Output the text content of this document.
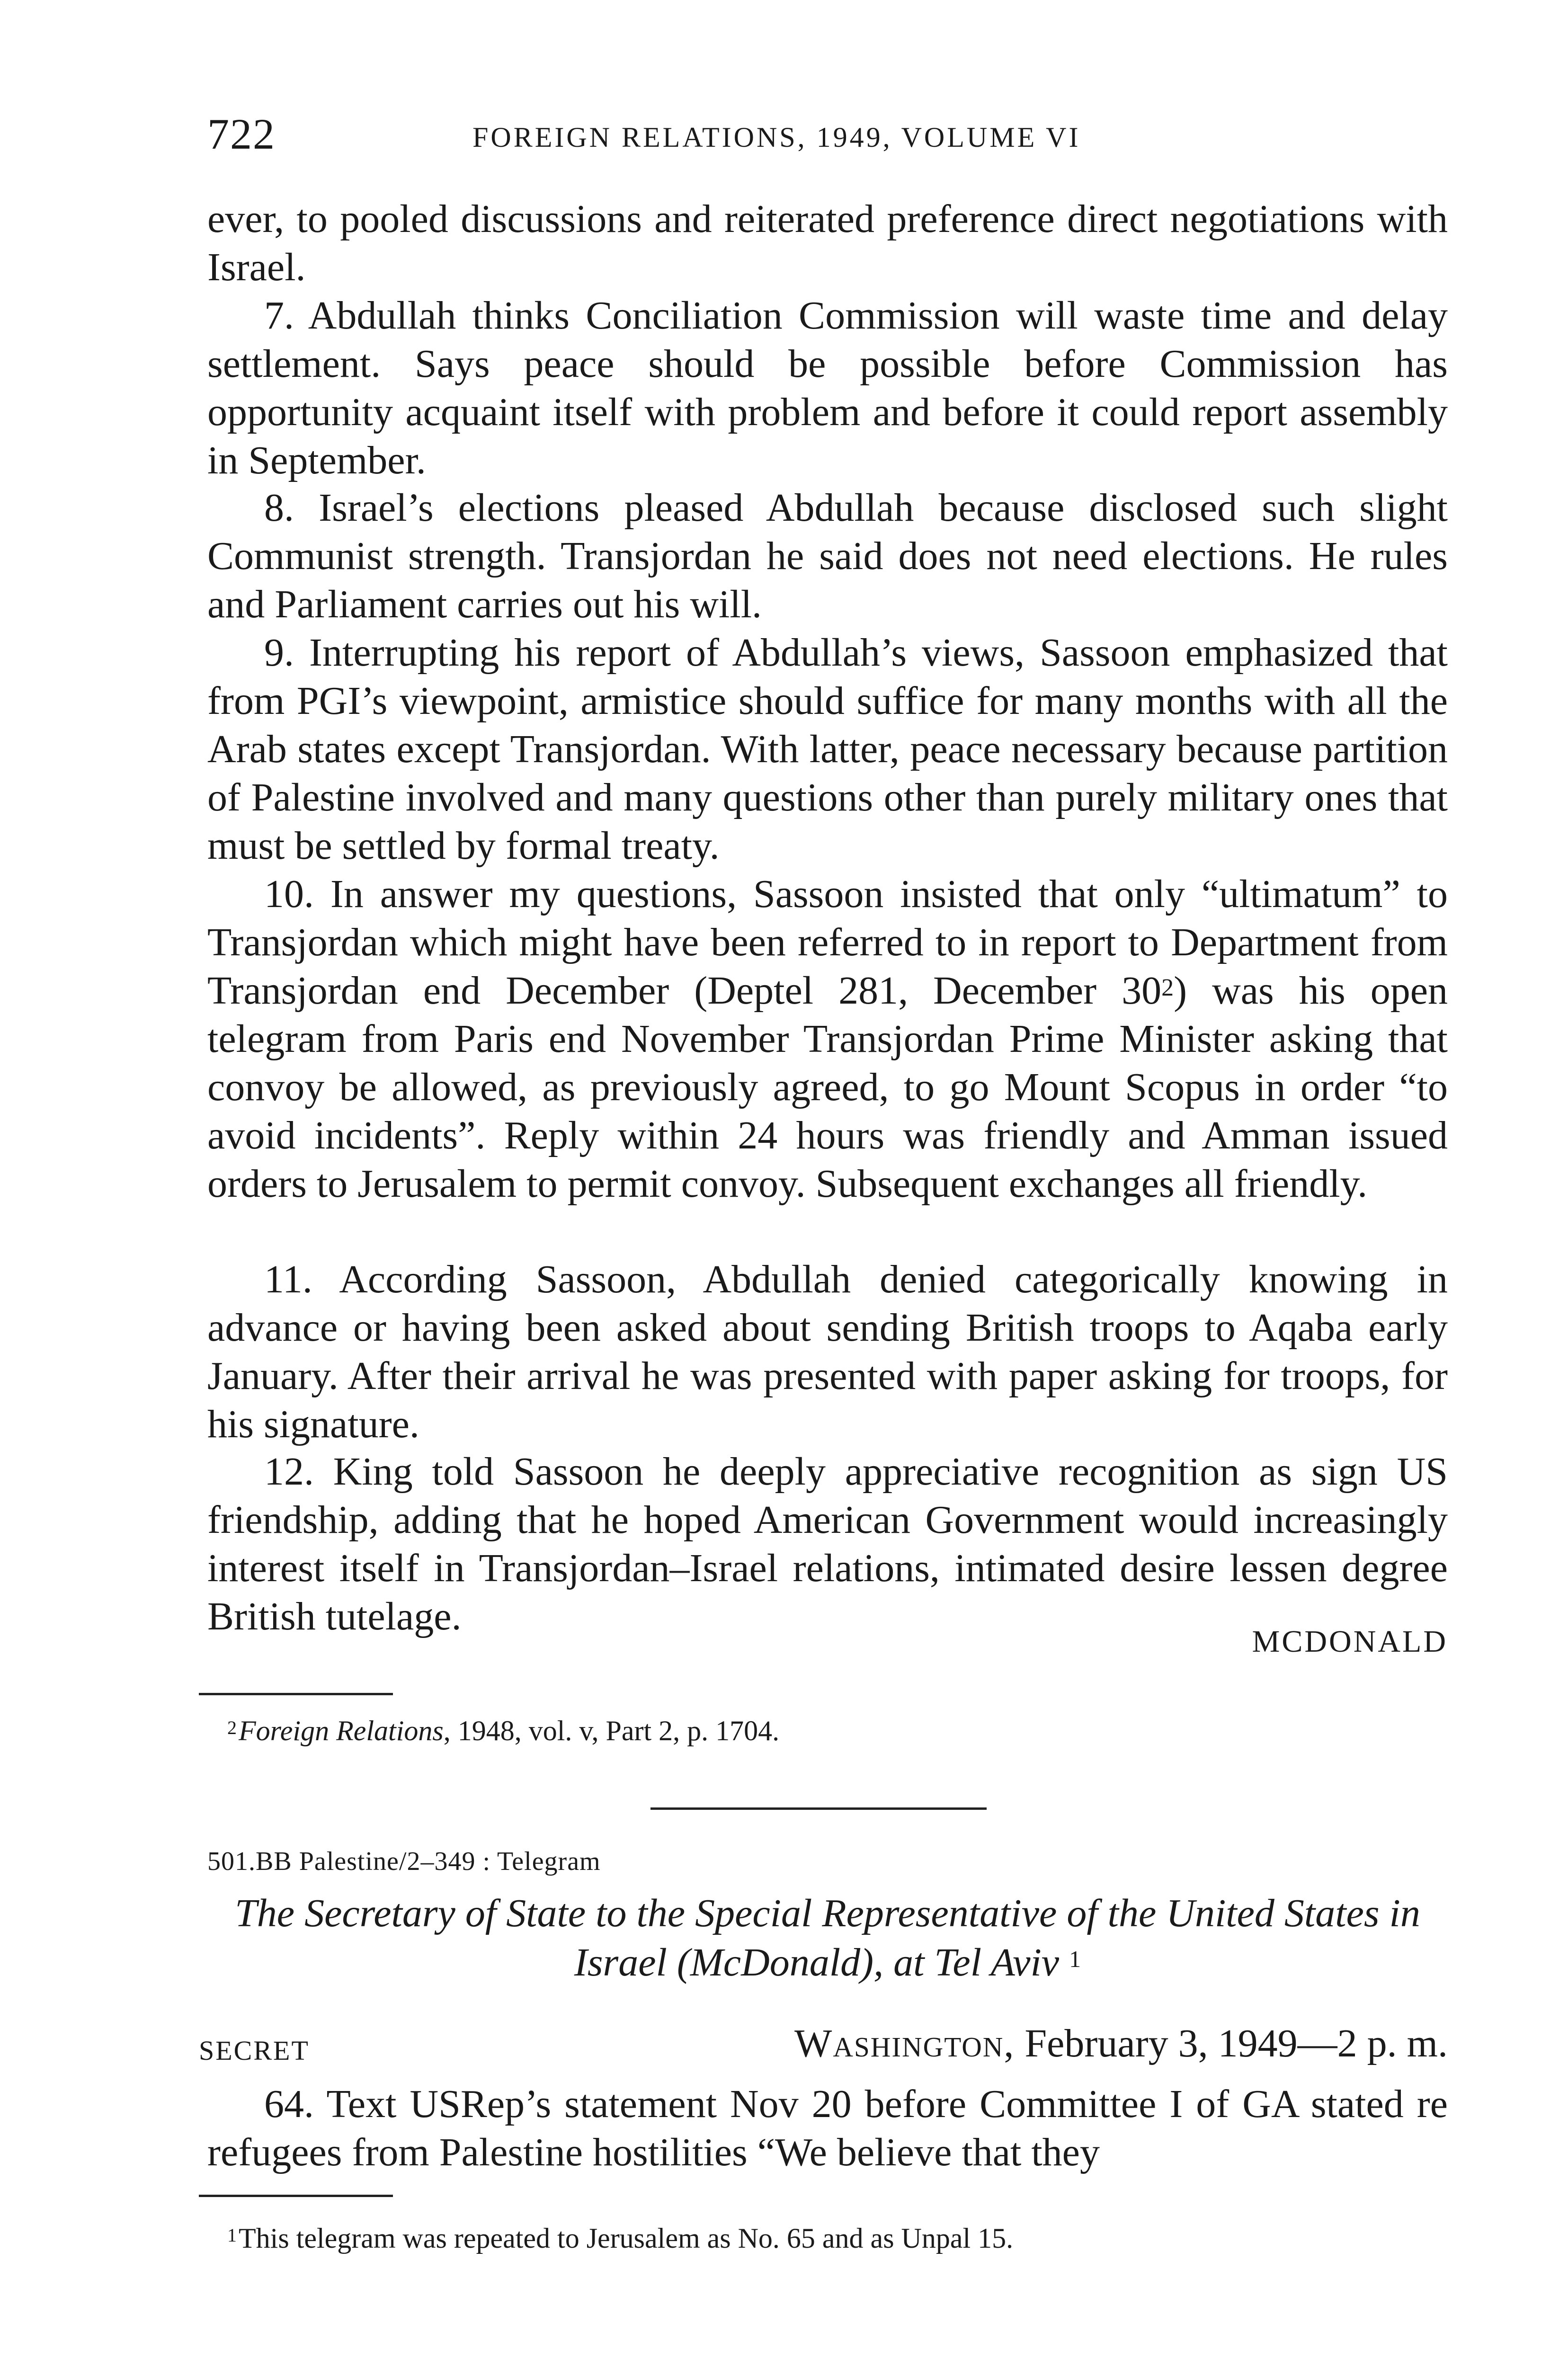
722	FOREIGN RELATIONS, 1949, VOLUME VI

ever, to pooled discussions and reiterated preference direct negotiations with Israel.

7. Abdullah thinks Conciliation Commission will waste time and delay settlement. Says peace should be possible before Commission has opportunity acquaint itself with problem and before it could report assembly in September.

8. Israel’s elections pleased Abdullah because disclosed such slight Communist strength. Transjordan he said does not need elections. He rules and Parliament carries out his will.

9. Interrupting his report of Abdullah’s views, Sassoon emphasized that from PGI’s viewpoint, armistice should suffice for many months with all the Arab states except Transjordan. With latter, peace necessary because partition of Palestine involved and many questions other than purely military ones that must be settled by formal treaty.

10. In answer my questions, Sassoon insisted that only “ultimatum” to Transjordan which might have been referred to in report to Department from Transjordan end December (Deptel 281, December 30$^2$) was his open telegram from Paris end November Transjordan Prime Minister asking that convoy be allowed, as previously agreed, to go Mount Scopus in order “to avoid incidents”. Reply within 24 hours was friendly and Amman issued orders to Jerusalem to permit convoy. Subsequent exchanges all friendly.

11. According Sassoon, Abdullah denied categorically knowing in advance or having been asked about sending British troops to Aqaba early January. After their arrival he was presented with paper asking for troops, for his signature.

12. King told Sassoon he deeply appreciative recognition as sign US friendship, adding that he hoped American Government would increasingly interest itself in Transjordan–Israel relations, intimated desire lessen degree British tutelage.

MCDONALD

$^2$Foreign Relations, 1948, vol. v, Part 2, p. 1704.

501.BB Palestine/2–349 : Telegram

The Secretary of State to the Special Representative of the United States in Israel (McDonald), at Tel Aviv $^1$

SECRET	Washington, February 3, 1949—2 p. m.

64. Text USRep’s statement Nov 20 before Committee I of GA stated re refugees from Palestine hostilities “We believe that they

$^1$This telegram was repeated to Jerusalem as No. 65 and as Unpal 15.
